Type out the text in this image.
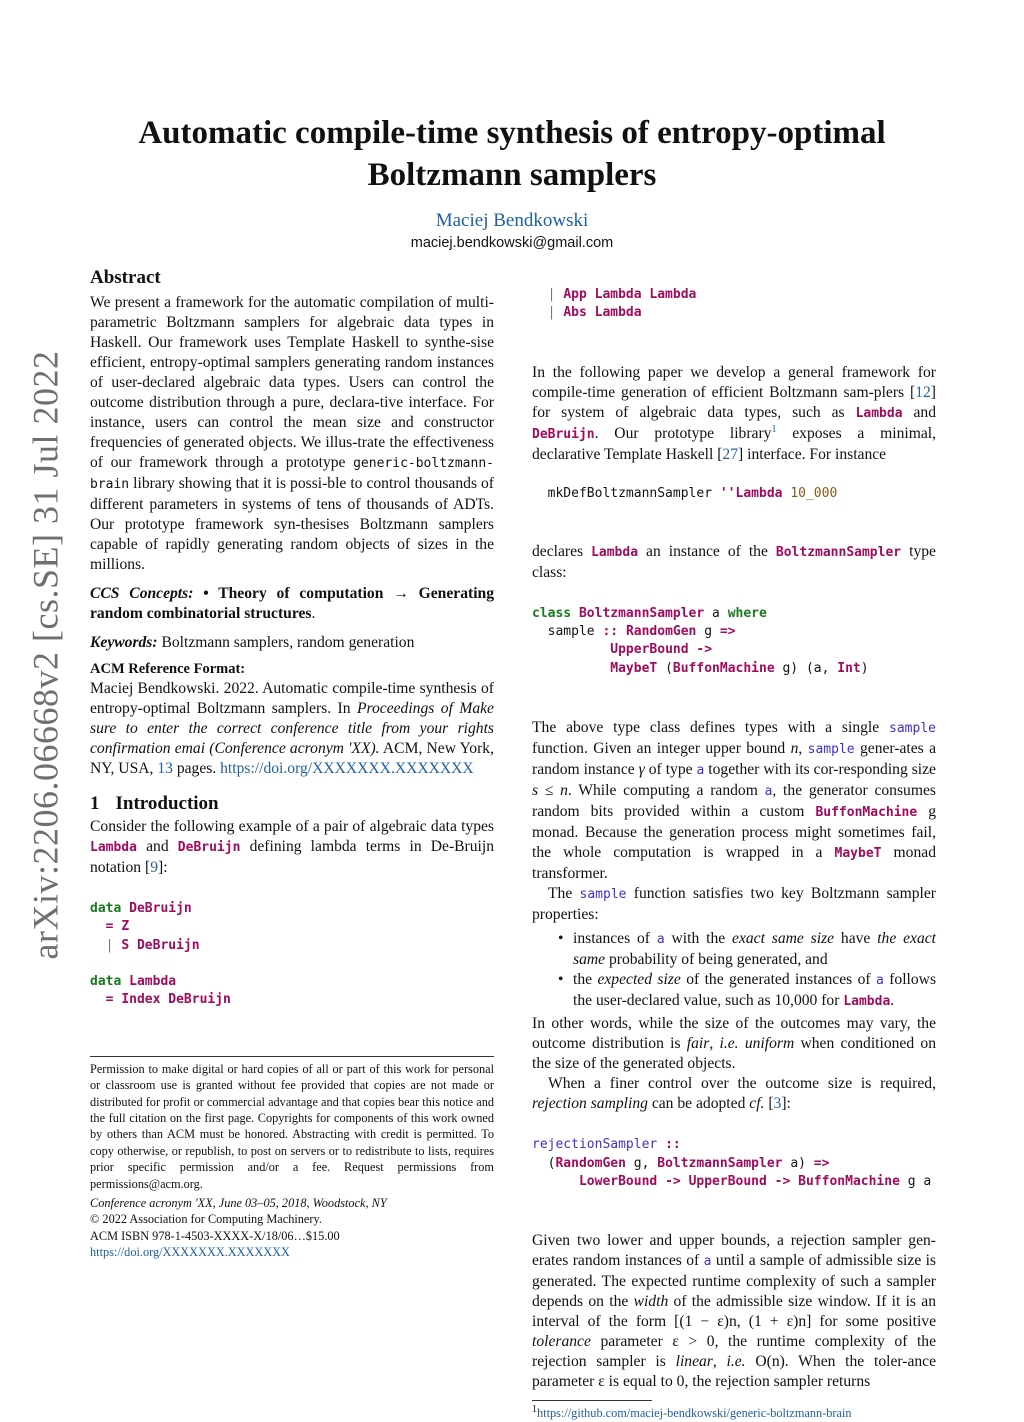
arXiv:2206.06668v2 [cs.SE] 31 Jul 2022
Automatic compile-time synthesis of entropy-optimal
Boltzmann samplers
Maciej Bendkowski
maciej.bendkowski@gmail.com
Abstract

We present a framework for the automatic compilation of multi-parametric Boltzmann samplers for algebraic data types in Haskell. Our framework uses Template Haskell to synthe-sise efficient, entropy-optimal samplers generating random instances of user-declared algebraic data types. Users can control the outcome distribution through a pure, declara-tive interface. For instance, users can control the mean size and constructor frequencies of generated objects. We illus-trate the effectiveness of our framework through a prototype generic-boltzmann-brain library showing that it is possi-ble to control thousands of different parameters in systems of tens of thousands of ADTs. Our prototype framework syn-thesises Boltzmann samplers capable of rapidly generating random objects of sizes in the millions.

CCS Concepts: • Theory of computation → Generating random combinatorial structures.

Keywords: Boltzmann samplers, random generation

ACM Reference Format:

Maciej Bendkowski. 2022. Automatic compile-time synthesis of entropy-optimal Boltzmann samplers. In Proceedings of Make sure to enter the correct conference title from your rights confirmation emai (Conference acronym 'XX). ACM, New York, NY, USA, 13 pages. https://doi.org/XXXXXXX.XXXXXXX

1 Introduction

Consider the following example of a pair of algebraic data types Lambda and DeBruijn defining lambda terms in De-Bruijn notation [9]:

data DeBruijn
= Z
| S DeBruijn

data Lambda
= Index DeBruijn

Permission to make digital or hard copies of all or part of this work for personal or classroom use is granted without fee provided that copies are not made or distributed for profit or commercial advantage and that copies bear this notice and the full citation on the first page. Copyrights for components of this work owned by others than ACM must be honored. Abstracting with credit is permitted. To copy otherwise, or republish, to post on servers or to redistribute to lists, requires prior specific permission and/or a fee. Request permissions from permissions@acm.org.

Conference acronym 'XX, June 03–05, 2018, Woodstock, NY
© 2022 Association for Computing Machinery.
ACM ISBN 978-1-4503-XXXX-X/18/06…$15.00
https://doi.org/XXXXXXX.XXXXXXX

| App Lambda Lambda
| Abs Lambda

In the following paper we develop a general framework for compile-time generation of efficient Boltzmann sam-plers [12] for system of algebraic data types, such as Lambda and DeBruijn. Our prototype library$^1$ exposes a minimal, declarative Template Haskell [27] interface. For instance

mkDefBoltzmannSampler ''Lambda 10_000

declares Lambda an instance of the BoltzmannSampler type class:

class BoltzmannSampler a where
sample :: RandomGen g =>
UpperBound ->
MaybeT (BuffonMachine g) (a, Int)

The above type class defines types with a single sample function. Given an integer upper bound n, sample gener-ates a random instance γ of type a together with its cor-responding size s ≤ n. While computing a random a, the generator consumes random bits provided within a custom BuffonMachine g monad. Because the generation process might sometimes fail, the whole computation is wrapped in a MaybeT monad transformer.

The sample function satisfies two key Boltzmann sampler properties:

• instances of a with the exact same size have the exact same probability of being generated, and
• the expected size of the generated instances of a follows the user-declared value, such as 10,000 for Lambda.

In other words, while the size of the outcomes may vary, the outcome distribution is fair, i.e. uniform when conditioned on the size of the generated objects.

When a finer control over the outcome size is required, rejection sampling can be adopted cf. [3]:

rejectionSampler ::
(RandomGen g, BoltzmannSampler a) =>
LowerBound -> UpperBound -> BuffonMachine g a

Given two lower and upper bounds, a rejection sampler gen-erates random instances of a until a sample of admissible size is generated. The expected runtime complexity of such a sampler depends on the width of the admissible size window. If it is an interval of the form [(1 − ε)n, (1 + ε)n] for some positive tolerance parameter ε > 0, the runtime complexity of the rejection sampler is linear, i.e. O(n). When the toler-ance parameter ε is equal to 0, the rejection sampler returns

$^1$https://github.com/maciej-bendkowski/generic-boltzmann-brain
